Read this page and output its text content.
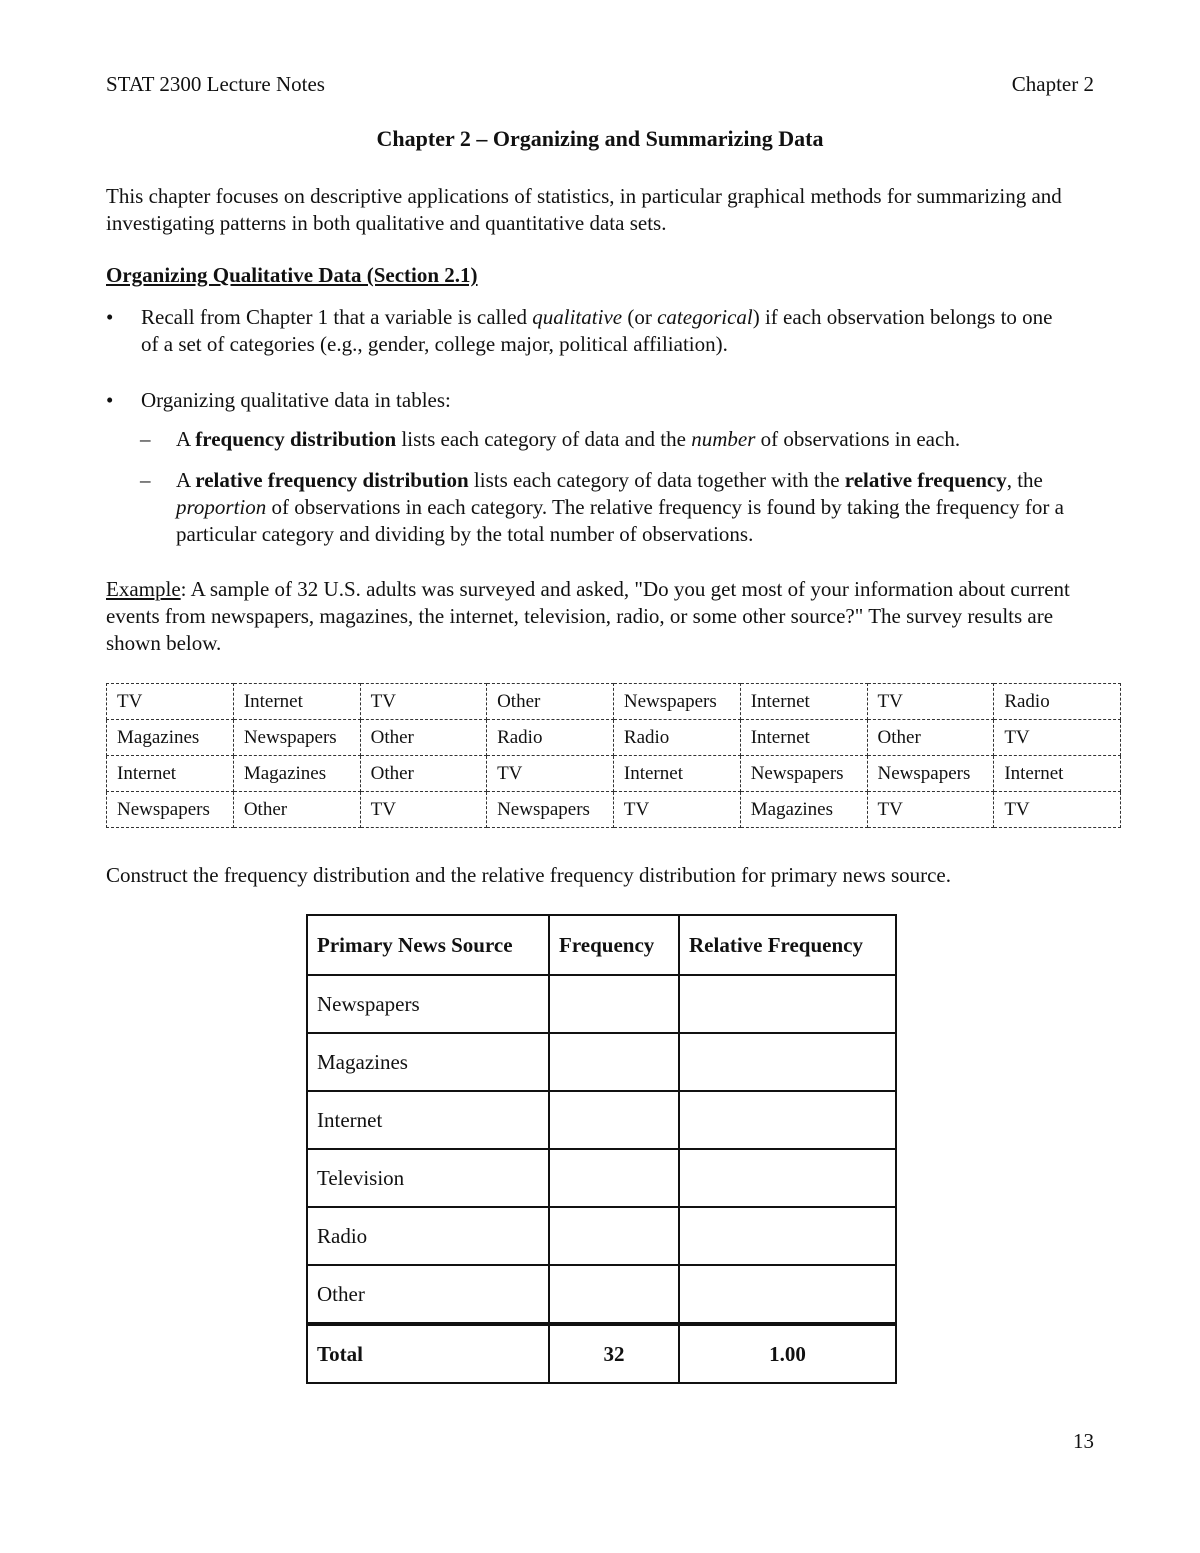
STAT 2300 Lecture Notes	Chapter 2
Chapter 2 – Organizing and Summarizing Data
This chapter focuses on descriptive applications of statistics, in particular graphical methods for summarizing and investigating patterns in both qualitative and quantitative data sets.
Organizing Qualitative Data (Section 2.1)
•	Recall from Chapter 1 that a variable is called qualitative (or categorical) if each observation belongs to one of a set of categories (e.g., gender, college major, political affiliation).
•	Organizing qualitative data in tables:
– A frequency distribution lists each category of data and the number of observations in each.
– A relative frequency distribution lists each category of data together with the relative frequency, the proportion of observations in each category. The relative frequency is found by taking the frequency for a particular category and dividing by the total number of observations.
Example: A sample of 32 U.S. adults was surveyed and asked, "Do you get most of your information about current events from newspapers, magazines, the internet, television, radio, or some other source?" The survey results are shown below.
TV	Internet	TV	Other	Newspapers	Internet	TV	Radio
Magazines	Newspapers	Other	Radio	Radio	Internet	Other	TV
Internet	Magazines	Other	TV	Internet	Newspapers	Newspapers	Internet
Newspapers	Other	TV	Newspapers	TV	Magazines	TV	TV
Construct the frequency distribution and the relative frequency distribution for primary news source.
Primary News Source	Frequency	Relative Frequency
Newspapers		
Magazines		
Internet		
Television		
Radio		
Other		
Total	32	1.00
13
